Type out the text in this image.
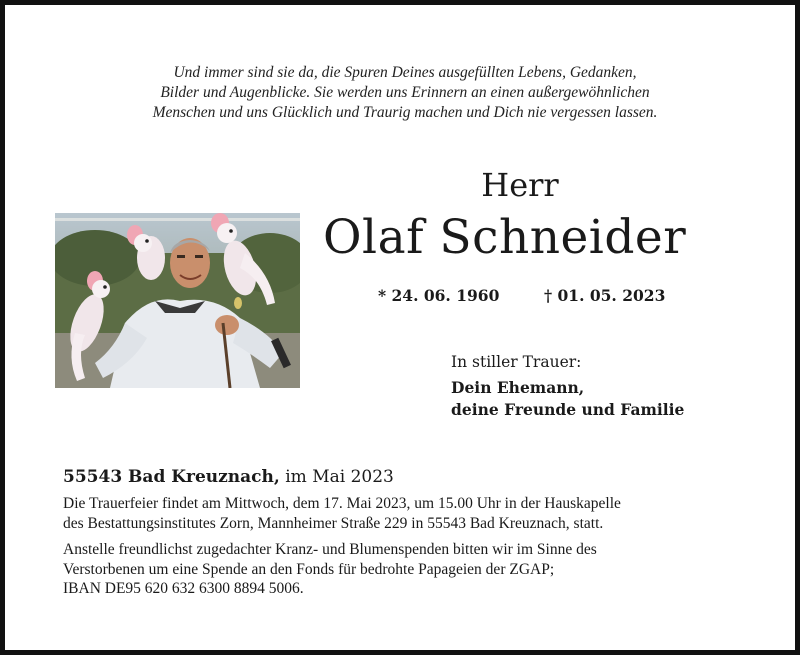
Und immer sind sie da, die Spuren Deines ausgefüllten Lebens, Gedanken,
Bilder und Augenblicke. Sie werden uns Erinnern an einen außergewöhnlichen
Menschen und uns Glücklich und Traurig machen und Dich nie vergessen lassen.
Herr
Olaf Schneider
* 24. 06. 1960	† 01. 05. 2023
In stiller Trauer:
Dein Ehemann,
deine Freunde und Familie
55543 Bad Kreuznach, im Mai 2023
Die Trauerfeier findet am Mittwoch, dem 17. Mai 2023, um 15.00 Uhr in der Hauskapelle
des Bestattungsinstitutes Zorn, Mannheimer Straße 229 in 55543 Bad Kreuznach, statt.
Anstelle freundlichst zugedachter Kranz- und Blumenspenden bitten wir im Sinne des
Verstorbenen um eine Spende an den Fonds für bedrohte Papageien der ZGAP;
IBAN DE95 620 632 6300 8894 5006.
